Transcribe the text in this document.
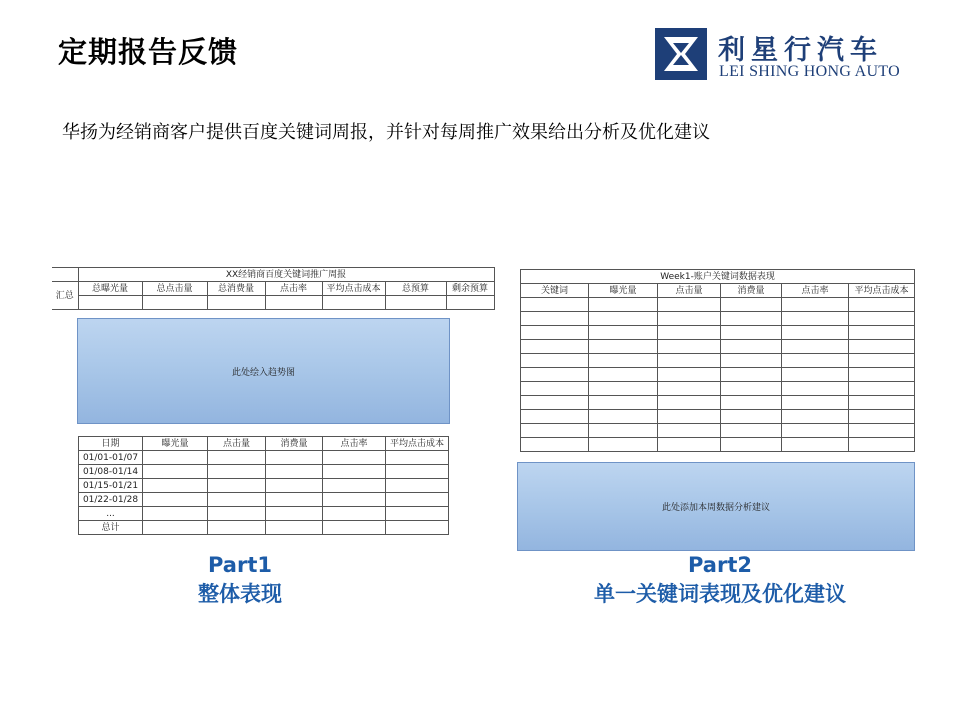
定期报告反馈	利星行汽车
LEI SHING HONG AUTO
华扬为经销商客户提供百度关键词周报，并针对每周推广效果给出分析及优化建议
	XX经销商百度关键词推广周报						
汇总	总曝光量	总点击量	总消费量	点击率	平均点击成本	总预算	剩余预算

此处绘入趋势图
日期	曝光量	点击量	消费量	点击率	平均点击成本
01/01-01/07					
01/08-01/14					
01/15-01/21					
01/22-01/28					
...					
总计					
Part1
整体表现
Week1-账户关键词数据表现					
关键词	曝光量	点击量	消费量	点击率	平均点击成本

此处添加本周数据分析建议
Part2
单一关键词表现及优化建议
